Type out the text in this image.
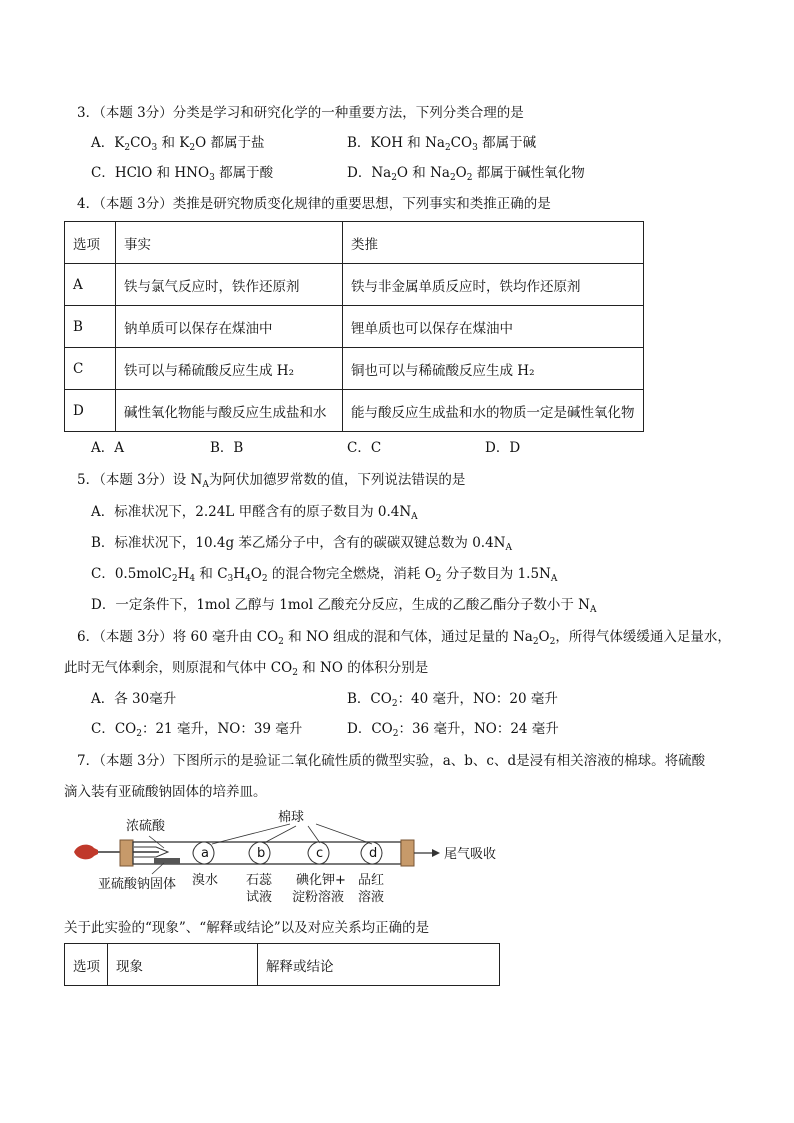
3．（本题 3分）分类是学习和研究化学的一种重要方法，下列分类合理的是
A．$K_2CO_3$ 和 $K_2O$ 都属于盐	B．KOH 和 $Na_2CO_3$ 都属于碱
C．HClO 和 $HNO_3$ 都属于酸	D．$Na_2O$ 和 $Na_2O_2$ 都属于碱性氧化物
4．（本题 3分）类推是研究物质变化规律的重要思想，下列事实和类推正确的是
选项	事实	类推
A	铁与氯气反应时，铁作还原剂	铁与非金属单质反应时，铁均作还原剂
B	钠单质可以保存在煤油中	锂单质也可以保存在煤油中
C	铁可以与稀硫酸反应生成 H₂	铜也可以与稀硫酸反应生成 H₂
D	碱性氧化物能与酸反应生成盐和水	能与酸反应生成盐和水的物质一定是碱性氧化物
A．A	B．B	C．C	D．D
5．（本题 3分）设 $N_A$为阿伏加德罗常数的值，下列说法错误的是
A．标准状况下，2.24L 甲醛含有的原子数目为 $0.4N_A$
B．标准状况下，10.4g 苯乙烯分子中，含有的碳碳双键总数为 $0.4N_A$
C．$0.5molC_2H_4$ 和 $C_3H_4O_2$ 的混合物完全燃烧，消耗 $O_2$ 分子数目为 $1.5N_A$
D．一定条件下，1mol 乙醇与 1mol 乙酸充分反应，生成的乙酸乙酯分子数小于 $N_A$
6．（本题 3分）将 60 毫升由 $CO_2$ 和 NO 组成的混和气体，通过足量的 $Na_2O_2$，所得气体缓缓通入足量水，
此时无气体剩余，则原混和气体中 $CO_2$ 和 NO 的体积分别是
A．各 30毫升	B．$CO_2$：40 毫升，NO：20 毫升
C．$CO_2$：21 毫升，NO：39 毫升	D．$CO_2$：36 毫升，NO：24 毫升
7．（本题 3分）下图所示的是验证二氧化硫性质的微型实验，a、b、c、d是浸有相关溶液的棉球。将硫酸
滴入装有亚硫酸钠固体的培养皿。
a	b	c	d
浓硫酸
棉球
尾气吸收
亚硫酸钠固体 溴水 石蕊
试液
碘化钾+
淀粉溶液
品红
溶液
关于此实验的“现象”、“解释或结论”以及对应关系均正确的是
选项	现象	解释或结论
